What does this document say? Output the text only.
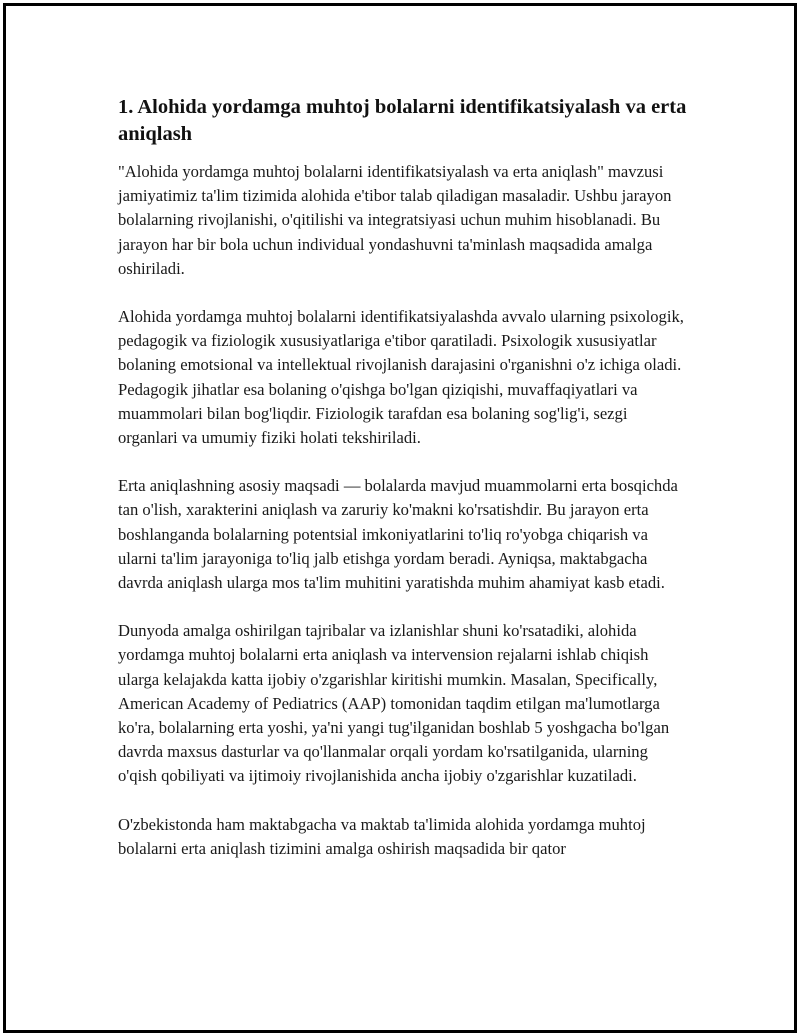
1. Alohida yordamga muhtoj bolalarni identifikatsiyalash va erta aniqlash

"Alohida yordamga muhtoj bolalarni identifikatsiyalash va erta aniqlash" mavzusi jamiyatimiz ta'lim tizimida alohida e'tibor talab qiladigan masaladir. Ushbu jarayon bolalarning rivojlanishi, o'qitilishi va integratsiyasi uchun muhim hisoblanadi. Bu jarayon har bir bola uchun individual yondashuvni ta'minlash maqsadida amalga oshiriladi.

Alohida yordamga muhtoj bolalarni identifikatsiyalashda avvalo ularning psixologik, pedagogik va fiziologik xususiyatlariga e'tibor qaratiladi. Psixologik xususiyatlar bolaning emotsional va intellektual rivojlanish darajasini o'rganishni o'z ichiga oladi. Pedagogik jihatlar esa bolaning o'qishga bo'lgan qiziqishi, muvaffaqiyatlari va muammolari bilan bog'liqdir. Fiziologik tarafdan esa bolaning sog'lig'i, sezgi organlari va umumiy fiziki holati tekshiriladi.

Erta aniqlashning asosiy maqsadi — bolalarda mavjud muammolarni erta bosqichda tan o'lish, xarakterini aniqlash va zaruriy ko'makni ko'rsatishdir. Bu jarayon erta boshlanganda bolalarning potentsial imkoniyatlarini to'liq ro'yobga chiqarish va ularni ta'lim jarayoniga to'liq jalb etishga yordam beradi. Ayniqsa, maktabgacha davrda aniqlash ularga mos ta'lim muhitini yaratishda muhim ahamiyat kasb etadi.

Dunyoda amalga oshirilgan tajribalar va izlanishlar shuni ko'rsatadiki, alohida yordamga muhtoj bolalarni erta aniqlash va intervension rejalarni ishlab chiqish ularga kelajakda katta ijobiy o'zgarishlar kiritishi mumkin. Masalan, Specifically, American Academy of Pediatrics (AAP) tomonidan taqdim etilgan ma'lumotlarga ko'ra, bolalarning erta yoshi, ya'ni yangi tug'ilganidan boshlab 5 yoshgacha bo'lgan davrda maxsus dasturlar va qo'llanmalar orqali yordam ko'rsatilganida, ularning o'qish qobiliyati va ijtimoiy rivojlanishida ancha ijobiy o'zgarishlar kuzatiladi.

O'zbekistonda ham maktabgacha va maktab ta'limida alohida yordamga muhtoj bolalarni erta aniqlash tizimini amalga oshirish maqsadida bir qator
